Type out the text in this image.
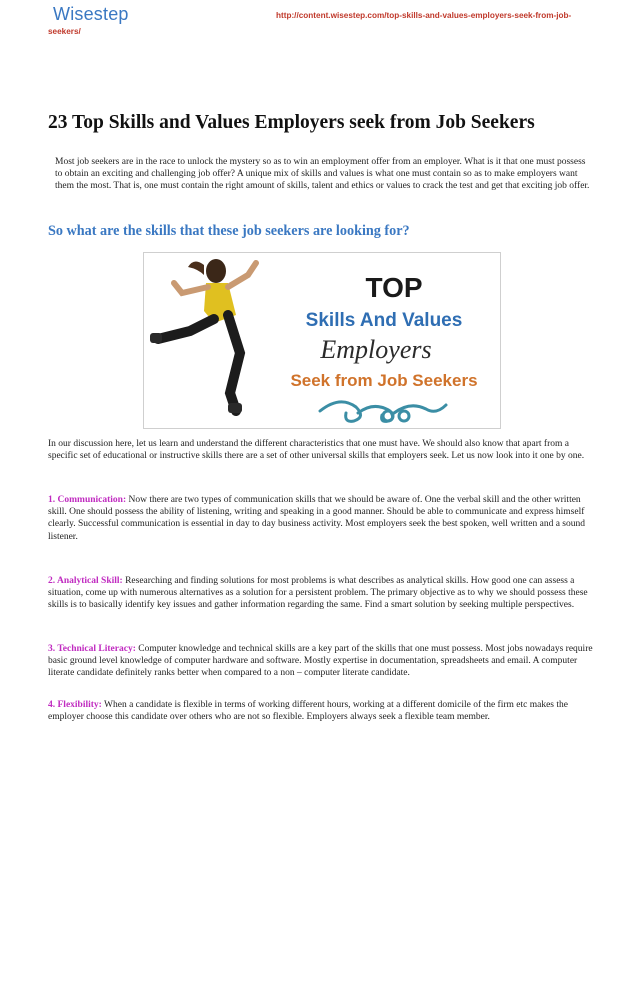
Wisestep	http://content.wisestep.com/top-skills-and-values-employers-seek-from-job-
seekers/
23 Top Skills and Values Employers seek from Job Seekers

Most job seekers are in the race to unlock the mystery so as to win an employment offer from an employer. What is it that one must possess to obtain an exciting and challenging job offer? A unique mix of skills and values is what one must contain so as to make employers want them the most. That is, one must contain the right amount of skills, talent and ethics or values to crack the test and get that exciting job offer.

So what are the skills that these job seekers are looking for?
TOP
Skills And Values
Employers
Seek from Job Seekers

In our discussion here, let us learn and understand the different characteristics that one must have. We should also know that apart from a specific set of educational or instructive skills there are a set of other universal skills that employers seek. Let us now look into it one by one.

1. Communication: Now there are two types of communication skills that we should be aware of. One the verbal skill and the other written skill. One should possess the ability of listening, writing and speaking in a good manner. Should be able to communicate and express himself clearly. Successful communication is essential in day to day business activity. Most employers seek the best spoken, well written and a sound listener.

2. Analytical Skill: Researching and finding solutions for most problems is what describes as analytical skills. How good one can assess a situation, come up with numerous alternatives as a solution for a persistent problem. The primary objective as to why we should possess these skills is to basically identify key issues and gather information regarding the same. Find a smart solution by seeking multiple perspectives.

3. Technical Literacy: Computer knowledge and technical skills are a key part of the skills that one must possess. Most jobs nowadays require basic ground level knowledge of computer hardware and software. Mostly expertise in documentation, spreadsheets and email. A computer literate candidate definitely ranks better when compared to a non – computer literate candidate.

4. Flexibility: When a candidate is flexible in terms of working different hours, working at a different domicile of the firm etc makes the employer choose this candidate over others who are not so flexible. Employers always seek a flexible team member.
